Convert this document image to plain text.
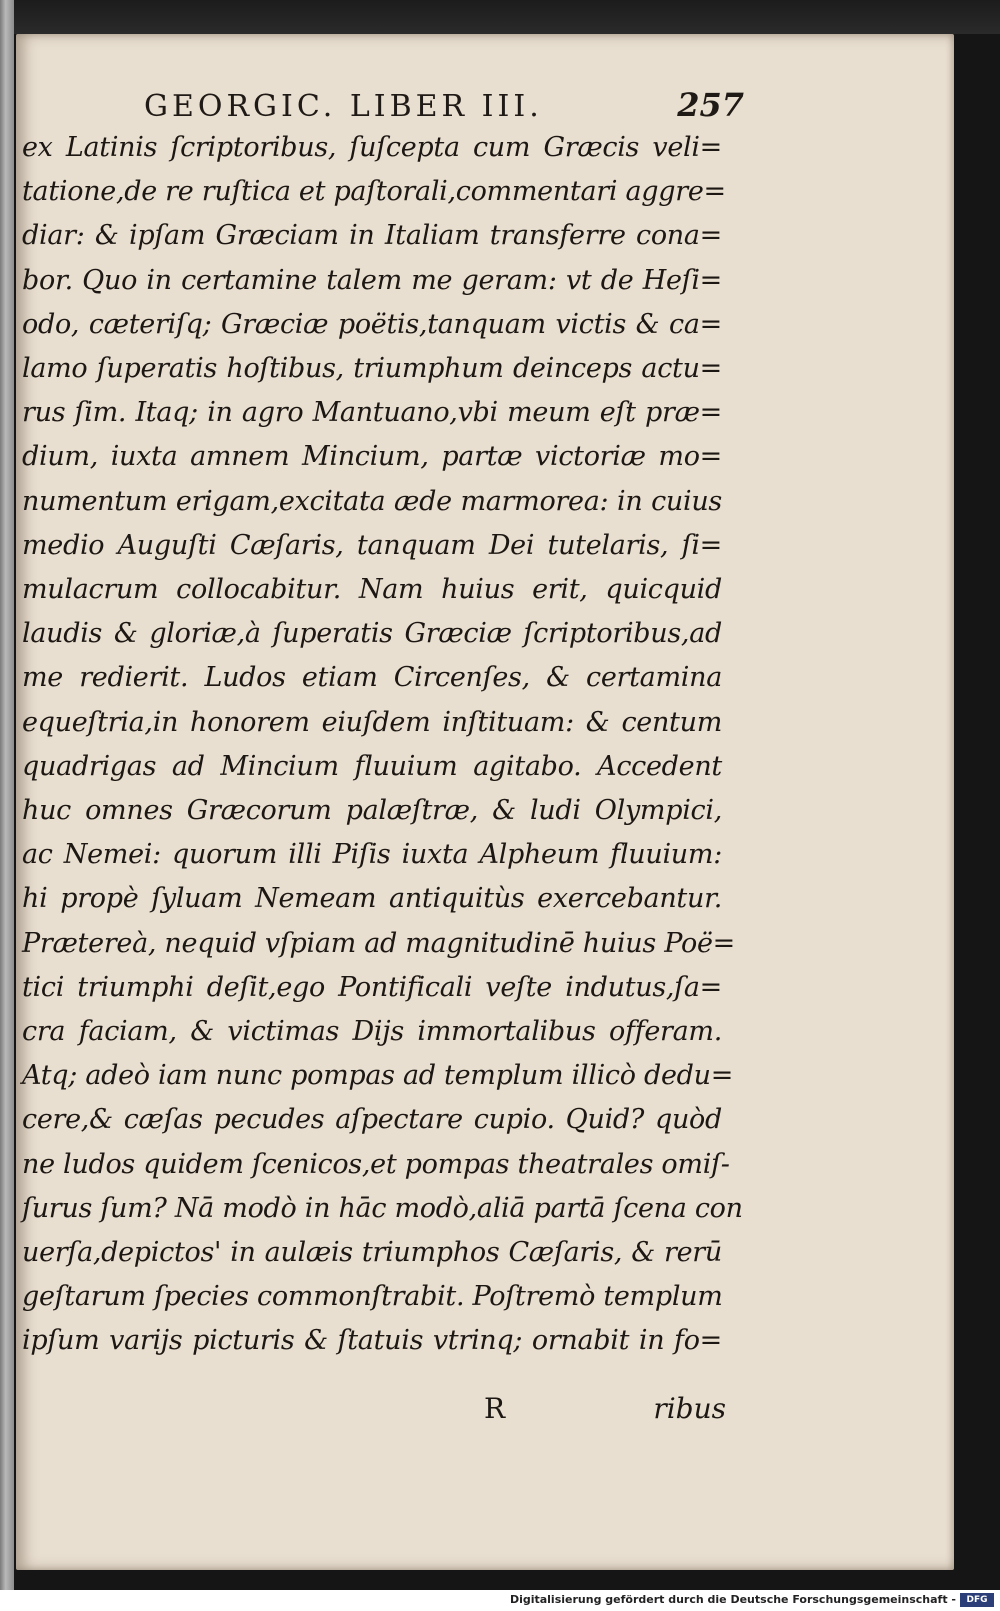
GEORGIC. LIBER III.	257
ex Latinis ſcriptoribus, ſuſcepta cum Græcis veli=
tatione,de re ruſtica et paſtorali,commentari aggre=
diar: & ipſam Græciam in Italiam transferre cona=
bor. Quo in certamine talem me geram: vt de Heſi=
odo, cæteriſq; Græciæ poëtis,tanquam victis & ca=
lamo ſuperatis hoſtibus, triumphum deinceps actu=
rus ſim. Itaq; in agro Mantuano,vbi meum eſt præ=
dium, iuxta amnem Mincium, partæ victoriæ mo=
numentum erigam,excitata æde marmorea: in cuius
medio Auguſti Cæſaris, tanquam Dei tutelaris, ſi=
mulacrum collocabitur. Nam huius erit, quicquid
laudis & gloriæ,à ſuperatis Græciæ ſcriptoribus,ad
me redierit. Ludos etiam Circenſes, & certamina
equeſtria,in honorem eiuſdem inſtituam: & centum
quadrigas ad Mincium fluuium agitabo. Accedent
huc omnes Græcorum palæſtræ, & ludi Olympici,
ac Nemei: quorum illi Piſis iuxta Alpheum fluuium:
hi propè ſyluam Nemeam antiquitùs exercebantur.
Prætereà, nequid vſpiam ad magnitudinē huius Poë=
tici triumphi deſit,ego Pontificali veſte indutus,ſa=
cra faciam, & victimas Dijs immortalibus offeram.
Atq; adeò iam nunc pompas ad templum illicò dedu=
cere,& cæſas pecudes aſpectare cupio. Quid? quòd
ne ludos quidem ſcenicos,et pompas theatrales omiſ-
ſurus ſum? Nā modò in hāc modò,aliā partā ſcena con
uerſa,depictos' in aulæis triumphos Cæſaris, & rerū
geſtarum ſpecies commonſtrabit. Poſtremò templum
ipſum varijs picturis & ſtatuis vtrinq; ornabit in fo=
R	ribus
Digitalisierung gefördert durch die Deutsche Forschungsgemeinschaft -	DFG
